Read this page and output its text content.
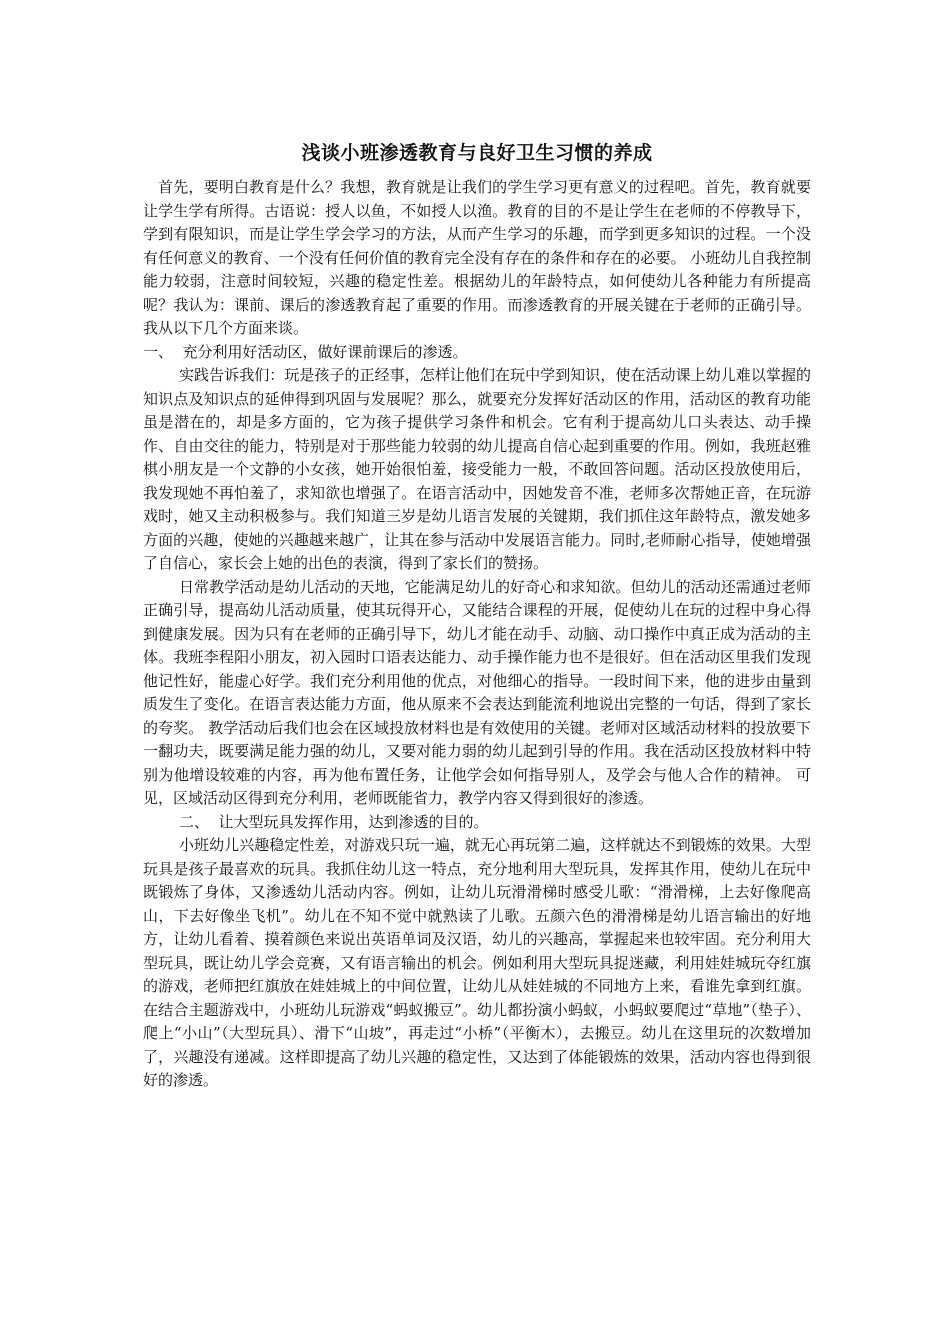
浅谈小班渗透教育与良好卫生习惯的养成

首先，要明白教育是什么？我想，教育就是让我们的学生学习更有意义的过程吧。首先，教育就要让学生学有所得。古语说：授人以鱼，不如授人以渔。教育的目的不是让学生在老师的不停教导下，学到有限知识，而是让学生学会学习的方法，从而产生学习的乐趣，而学到更多知识的过程。一个没有任何意义的教育、一个没有任何价值的教育完全没有存在的条件和存在的必要。 小班幼儿自我控制能力较弱，注意时间较短，兴趣的稳定性差。根据幼儿的年龄特点，如何使幼儿各种能力有所提高呢？我认为：课前、课后的渗透教育起了重要的作用。而渗透教育的开展关键在于老师的正确引导。我从以下几个方面来谈。

一、  充分利用好活动区，做好课前课后的渗透。

实践告诉我们：玩是孩子的正经事，怎样让他们在玩中学到知识，使在活动课上幼儿难以掌握的知识点及知识点的延伸得到巩固与发展呢？那么，就要充分发挥好活动区的作用，活动区的教育功能虽是潜在的，却是多方面的，它为孩子提供学习条件和机会。它有利于提高幼儿口头表达、动手操作、自由交往的能力，特别是对于那些能力较弱的幼儿提高自信心起到重要的作用。例如，我班赵雅棋小朋友是一个文静的小女孩，她开始很怕羞，接受能力一般，不敢回答问题。活动区投放使用后，我发现她不再怕羞了，求知欲也增强了。在语言活动中，因她发音不准，老师多次帮她正音，在玩游戏时，她又主动积极参与。我们知道三岁是幼儿语言发展的关键期，我们抓住这年龄特点，激发她多方面的兴趣，使她的兴趣越来越广，让其在参与活动中发展语言能力。同时,老师耐心指导，使她增强了自信心，家长会上她的出色的表演，得到了家长们的赞扬。

日常教学活动是幼儿活动的天地，它能满足幼儿的好奇心和求知欲。但幼儿的活动还需通过老师正确引导，提高幼儿活动质量，使其玩得开心，又能结合课程的开展，促使幼儿在玩的过程中身心得到健康发展。因为只有在老师的正确引导下，幼儿才能在动手、动脑、动口操作中真正成为活动的主体。我班李程阳小朋友，初入园时口语表达能力、动手操作能力也不是很好。但在活动区里我们发现他记性好，能虚心好学。我们充分利用他的优点，对他细心的指导。一段时间下来，他的进步由量到质发生了变化。在语言表达能力方面，他从原来不会表达到能流利地说出完整的一句话，得到了家长的夸奖。 教学活动后我们也会在区域投放材料也是有效使用的关键。老师对区域活动材料的投放要下一翻功夫，既要满足能力强的幼儿，又要对能力弱的幼儿起到引导的作用。我在活动区投放材料中特别为他增设较难的内容，再为他布置任务，让他学会如何指导别人，及学会与他人合作的精神。 可见，区域活动区得到充分利用，老师既能省力，教学内容又得到很好的渗透。

二、  让大型玩具发挥作用，达到渗透的目的。

小班幼儿兴趣稳定性差，对游戏只玩一遍，就无心再玩第二遍，这样就达不到锻炼的效果。大型玩具是孩子最喜欢的玩具。我抓住幼儿这一特点，充分地利用大型玩具，发挥其作用，使幼儿在玩中既锻炼了身体，又渗透幼儿活动内容。例如，让幼儿玩滑滑梯时感受儿歌：“滑滑梯，上去好像爬高山，下去好像坐飞机”。幼儿在不知不觉中就熟读了儿歌。五颜六色的滑滑梯是幼儿语言输出的好地方，让幼儿看着、摸着颜色来说出英语单词及汉语，幼儿的兴趣高，掌握起来也较牢固。充分利用大型玩具，既让幼儿学会竞赛，又有语言输出的机会。例如利用大型玩具捉迷藏，利用娃娃城玩夺红旗的游戏，老师把红旗放在娃娃城上的中间位置，让幼儿从娃娃城的不同地方上来，看谁先拿到红旗。 在结合主题游戏中，小班幼儿玩游戏“蚂蚁搬豆”。幼儿都扮演小蚂蚁，小蚂蚁要爬过“草地”（垫子）、爬上“小山”（大型玩具）、滑下“山坡”，再走过“小桥”（平衡木），去搬豆。幼儿在这里玩的次数增加了，兴趣没有递减。这样即提高了幼儿兴趣的稳定性，又达到了体能锻炼的效果，活动内容也得到很好的渗透。
